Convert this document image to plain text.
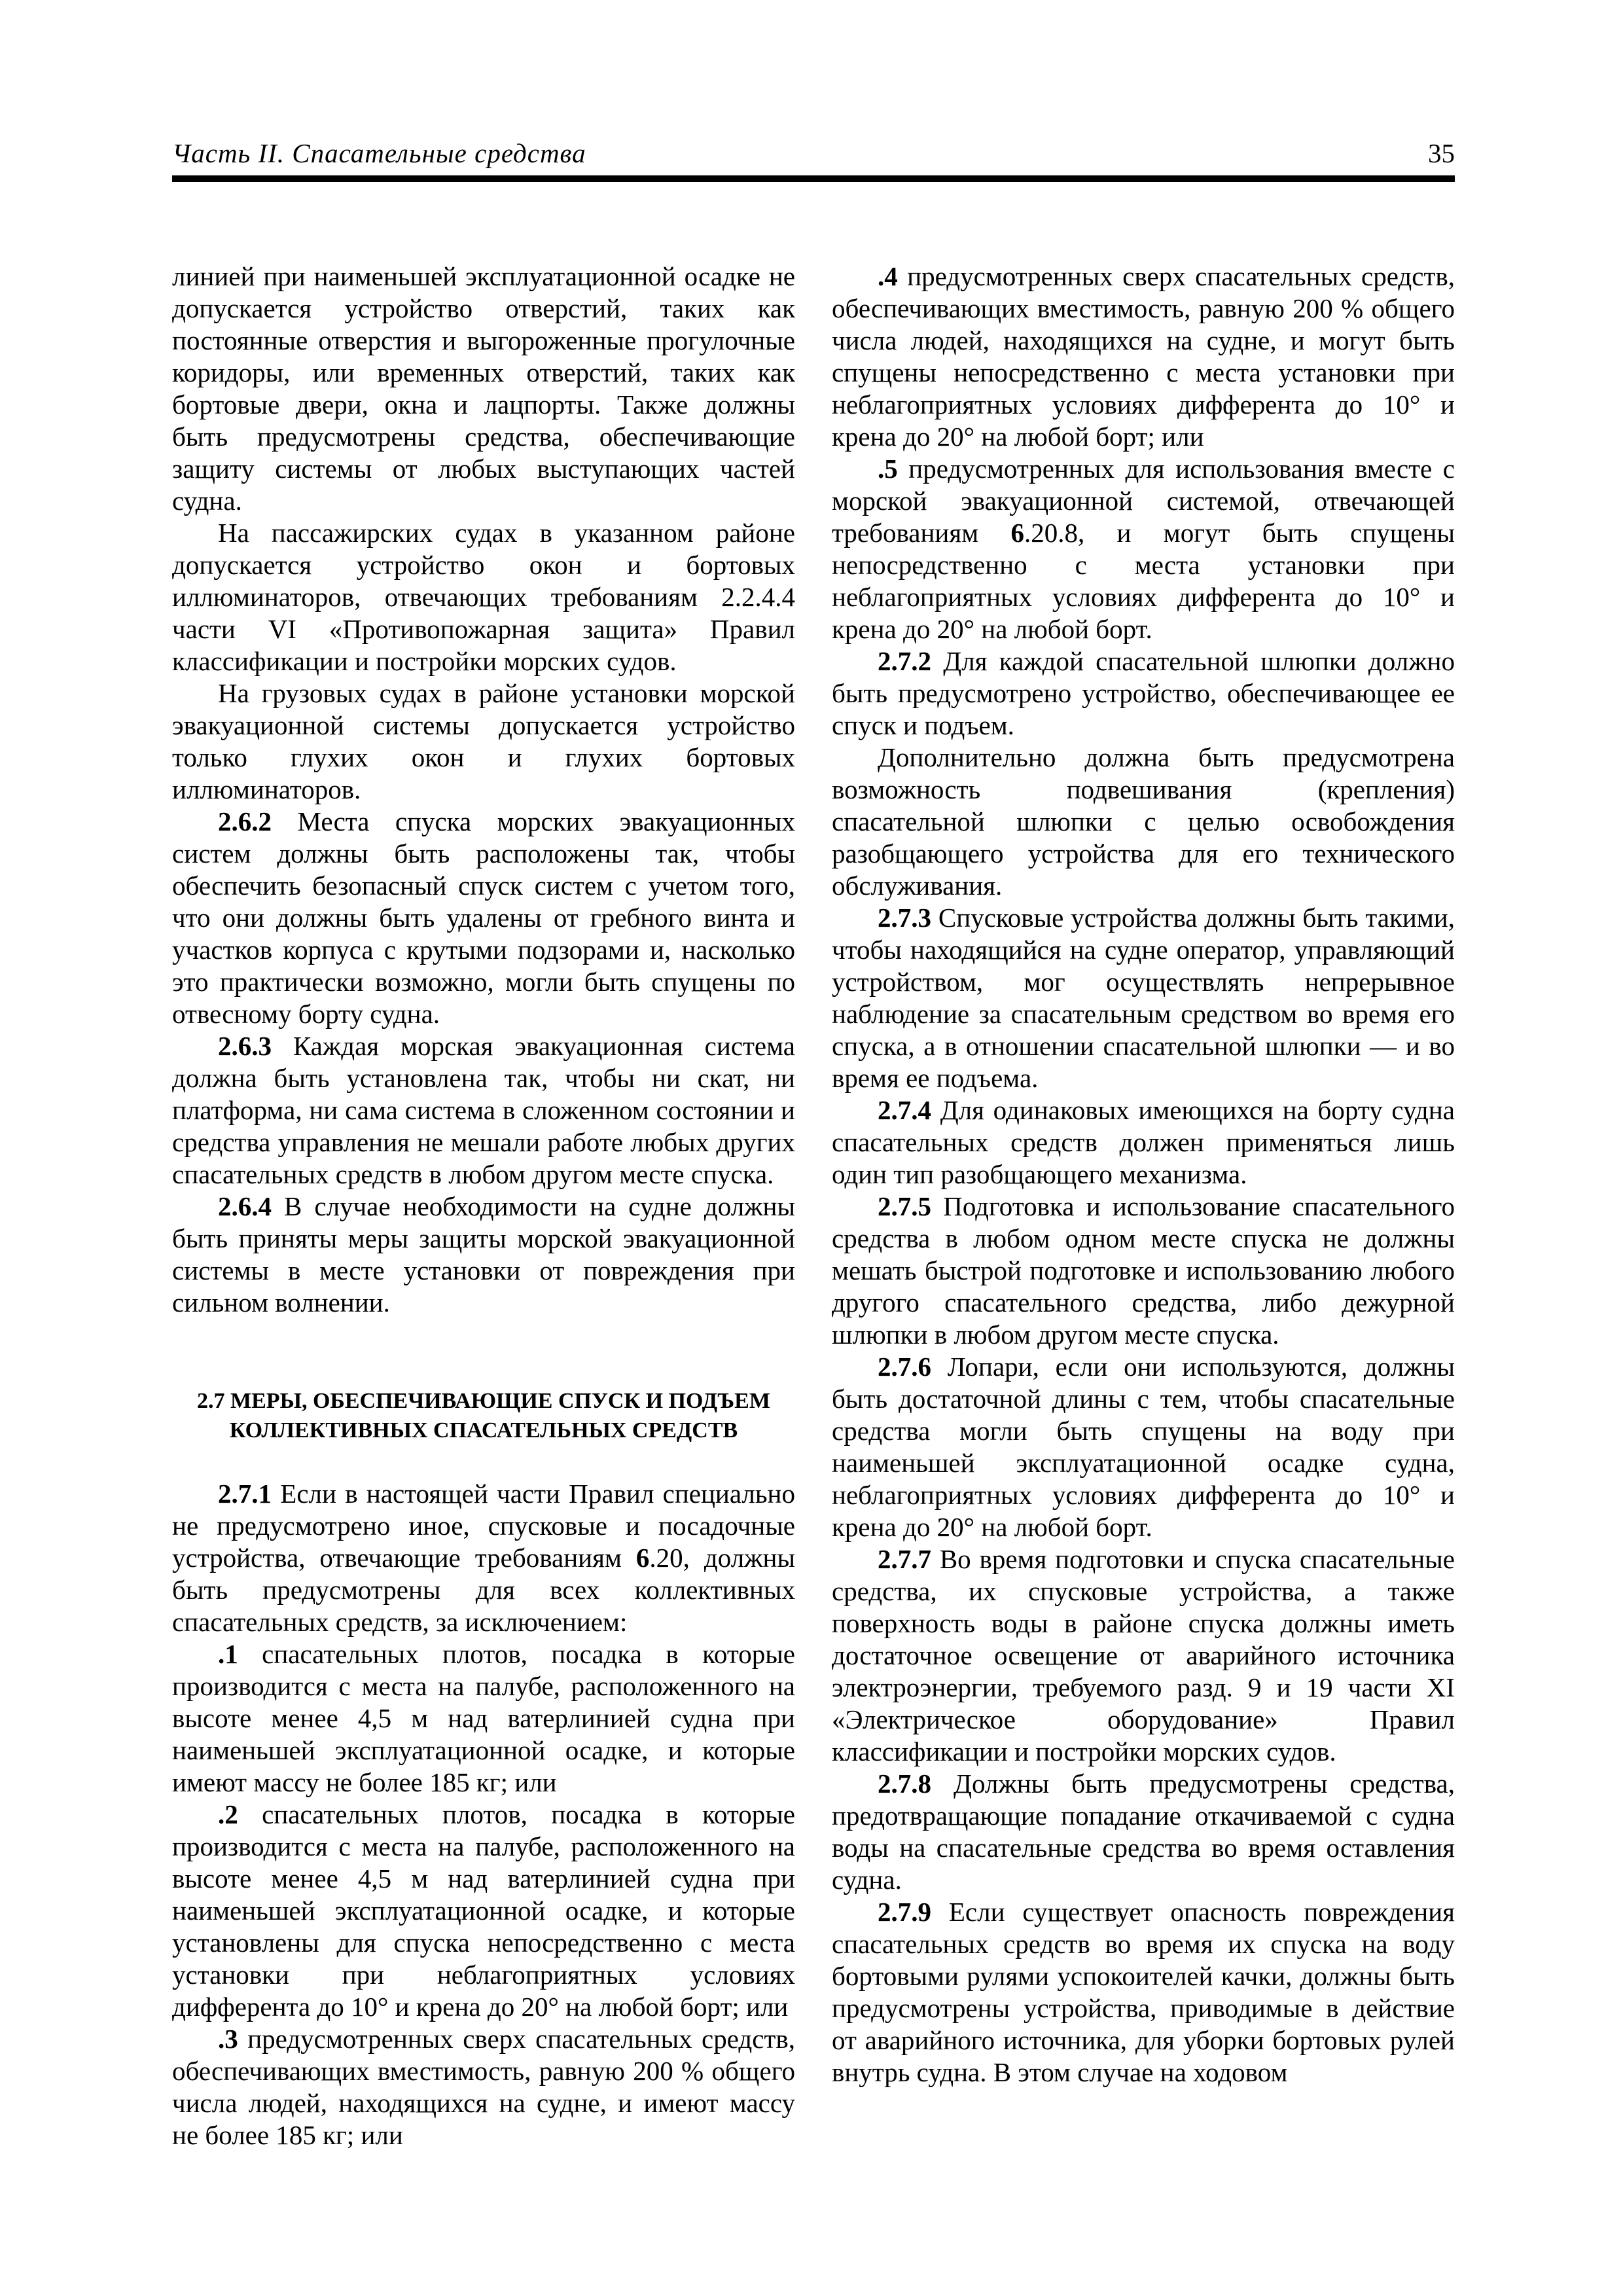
Часть II. Спасательные средства	35

линией при наименьшей эксплуатационной осадке не допускается устройство отверстий, таких как постоянные отверстия и выгороженные прогулочные коридоры, или временных отверстий, таких как бортовые двери, окна и лацпорты. Также должны быть предусмотрены средства, обеспечивающие защиту системы от любых выступающих частей судна.

На пассажирских судах в указанном районе допускается устройство окон и бортовых иллюминаторов, отвечающих требованиям 2.2.4.4 части VI «Противопожарная защита» Правил классификации и постройки морских судов.

На грузовых судах в районе установки морской эвакуационной системы допускается устройство только глухих окон и глухих бортовых иллюминаторов.

2.6.2 Места спуска морских эвакуационных систем должны быть расположены так, чтобы обеспечить безопасный спуск систем с учетом того, что они должны быть удалены от гребного винта и участков корпуса с крутыми подзорами и, насколько это практически возможно, могли быть спущены по отвесному борту судна.

2.6.3 Каждая морская эвакуационная система должна быть установлена так, чтобы ни скат, ни платформа, ни сама система в сложенном состоянии и средства управления не мешали работе любых других спасательных средств в любом другом месте спуска.

2.6.4 В случае необходимости на судне должны быть приняты меры защиты морской эвакуационной системы в месте установки от повреждения при сильном волнении.

2.7 МЕРЫ, ОБЕСПЕЧИВАЮЩИЕ СПУСК И ПОДЪЕМ КОЛЛЕКТИВНЫХ СПАСАТЕЛЬНЫХ СРЕДСТВ

2.7.1 Если в настоящей части Правил специально не предусмотрено иное, спусковые и посадочные устройства, отвечающие требованиям 6.20, должны быть предусмотрены для всех коллективных спасательных средств, за исключением:

.1 спасательных плотов, посадка в которые производится с места на палубе, расположенного на высоте менее 4,5 м над ватерлинией судна при наименьшей эксплуатационной осадке, и которые имеют массу не более 185 кг; или

.2 спасательных плотов, посадка в которые производится с места на палубе, расположенного на высоте менее 4,5 м над ватерлинией судна при наименьшей эксплуатационной осадке, и которые установлены для спуска непосредственно с места установки при неблагоприятных условиях дифферента до 10° и крена до 20° на любой борт; или

.3 предусмотренных сверх спасательных средств, обеспечивающих вместимость, равную 200 % общего числа людей, находящихся на судне, и имеют массу не более 185 кг; или

.4 предусмотренных сверх спасательных средств, обеспечивающих вместимость, равную 200 % общего числа людей, находящихся на судне, и могут быть спущены непосредственно с места установки при неблагоприятных условиях дифферента до 10° и крена до 20° на любой борт; или

.5 предусмотренных для использования вместе с морской эвакуационной системой, отвечающей требованиям 6.20.8, и могут быть спущены непосредственно с места установки при неблагоприятных условиях дифферента до 10° и крена до 20° на любой борт.

2.7.2 Для каждой спасательной шлюпки должно быть предусмотрено устройство, обеспечивающее ее спуск и подъем.

Дополнительно должна быть предусмотрена возможность подвешивания (крепления) спасательной шлюпки с целью освобождения разобщающего устройства для его технического обслуживания.

2.7.3 Спусковые устройства должны быть такими, чтобы находящийся на судне оператор, управляющий устройством, мог осуществлять непрерывное наблюдение за спасательным средством во время его спуска, а в отношении спасательной шлюпки — и во время ее подъема.

2.7.4 Для одинаковых имеющихся на борту судна спасательных средств должен применяться лишь один тип разобщающего механизма.

2.7.5 Подготовка и использование спасательного средства в любом одном месте спуска не должны мешать быстрой подготовке и использованию любого другого спасательного средства, либо дежурной шлюпки в любом другом месте спуска.

2.7.6 Лопари, если они используются, должны быть достаточной длины с тем, чтобы спасательные средства могли быть спущены на воду при наименьшей эксплуатационной осадке судна, неблагоприятных условиях дифферента до 10° и крена до 20° на любой борт.

2.7.7 Во время подготовки и спуска спасательные средства, их спусковые устройства, а также поверхность воды в районе спуска должны иметь достаточное освещение от аварийного источника электроэнергии, требуемого разд. 9 и 19 части XI «Электрическое оборудование» Правил классификации и постройки морских судов.

2.7.8 Должны быть предусмотрены средства, предотвращающие попадание откачиваемой с судна воды на спасательные средства во время оставления судна.

2.7.9 Если существует опасность повреждения спасательных средств во время их спуска на воду бортовыми рулями успокоителей качки, должны быть предусмотрены устройства, приводимые в действие от аварийного источника, для уборки бортовых рулей внутрь судна. В этом случае на ходовом
